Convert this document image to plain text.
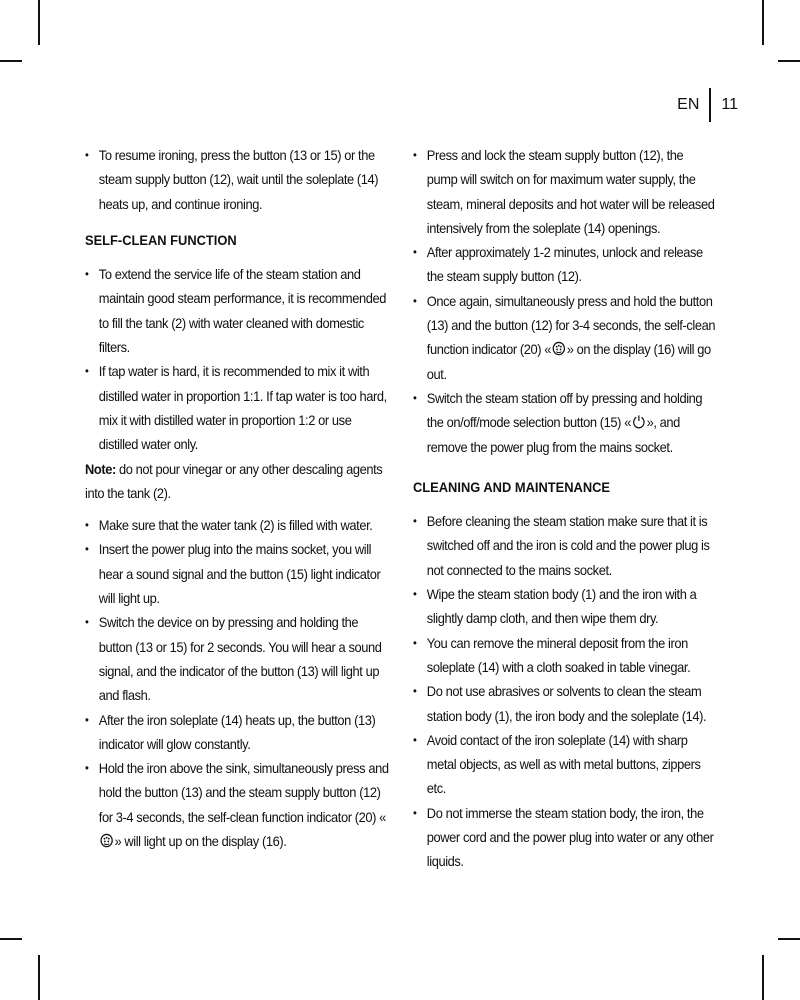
EN 11
• To resume ironing, press the button (13 or 15) or the steam supply button (12), wait until the soleplate (14) heats up, and continue ironing.
SELF-CLEAN FUNCTION
• To extend the service life of the steam station and maintain good steam performance, it is recommended to fill the tank (2) with water cleaned with domestic filters.
• If tap water is hard, it is recommended to mix it with distilled water in proportion 1:1. If tap water is too hard, mix it with distilled water in proportion 1:2 or use distilled water only.
Note: do not pour vinegar or any other descaling agents into the tank (2).
• Make sure that the water tank (2) is filled with water.
• Insert the power plug into the mains socket, you will hear a sound signal and the button (15) light indicator will light up.
• Switch the device on by pressing and holding the button (13 or 15) for 2 seconds. You will hear a sound signal, and the indicator of the button (13) will light up and flash.
• After the iron soleplate (14) heats up, the button (13) indicator will glow constantly.
• Hold the iron above the sink, simultaneously press and hold the button (13) and the steam supply button (12) for 3-4 seconds, the self-clean function indicator (20) «» will light up on the display (16).
• Press and lock the steam supply button (12), the pump will switch on for maximum water supply, the steam, mineral deposits and hot water will be released intensively from the soleplate (14) openings.
• After approximately 1-2 minutes, unlock and release the steam supply button (12).
• Once again, simultaneously press and hold the button (13) and the button (12) for 3-4 seconds, the self-clean function indicator (20) « » on the display (16) will go out.
• Switch the steam station off by pressing and holding the on/off/mode selection button (15) « », and remove the power plug from the mains socket.
CLEANING AND MAINTENANCE
• Before cleaning the steam station make sure that it is switched off and the iron is cold and the power plug is not connected to the mains socket.
• Wipe the steam station body (1) and the iron with a slightly damp cloth, and then wipe them dry.
• You can remove the mineral deposit from the iron soleplate (14) with a cloth soaked in table vinegar.
• Do not use abrasives or solvents to clean the steam station body (1), the iron body and the soleplate (14).
• Avoid contact of the iron soleplate (14) with sharp metal objects, as well as with metal buttons, zippers etc.
• Do not immerse the steam station body, the iron, the power cord and the power plug into water or any other liquids.
